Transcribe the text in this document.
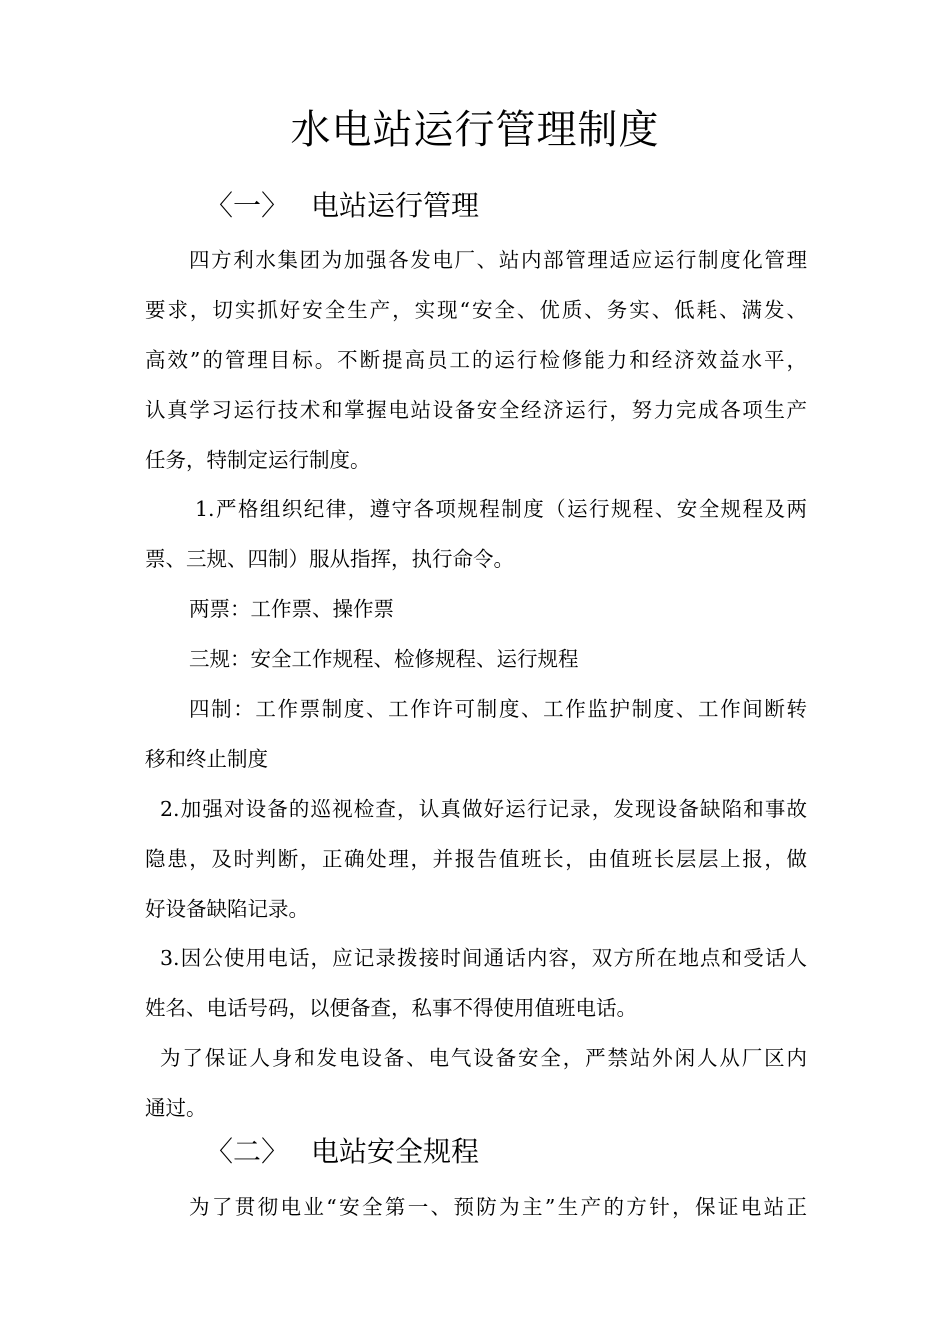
水电站运行管理制度
〈一〉 电站运行管理

四方利水集团为加强各发电厂、站内部管理适应运行制度化管理

要求，切实抓好安全生产，实现“安全、优质、务实、低耗、满发、

高效”的管理目标。不断提高员工的运行检修能力和经济效益水平，

认真学习运行技术和掌握电站设备安全经济运行，努力完成各项生产

任务，特制定运行制度。

1.严格组织纪律，遵守各项规程制度（运行规程、安全规程及两

票、三规、四制）服从指挥，执行命令。

两票：工作票、操作票

三规：安全工作规程、检修规程、运行规程

四制：工作票制度、工作许可制度、工作监护制度、工作间断转

移和终止制度

2.加强对设备的巡视检查，认真做好运行记录，发现设备缺陷和事故

隐患，及时判断，正确处理，并报告值班长，由值班长层层上报，做

好设备缺陷记录。

3.因公使用电话，应记录拨接时间通话内容，双方所在地点和受话人

姓名、电话号码，以便备查，私事不得使用值班电话。

为了保证人身和发电设备、电气设备安全，严禁站外闲人从厂区内

通过。

〈二〉 电站安全规程

为了贯彻电业“安全第一、预防为主”生产的方针，保证电站正
